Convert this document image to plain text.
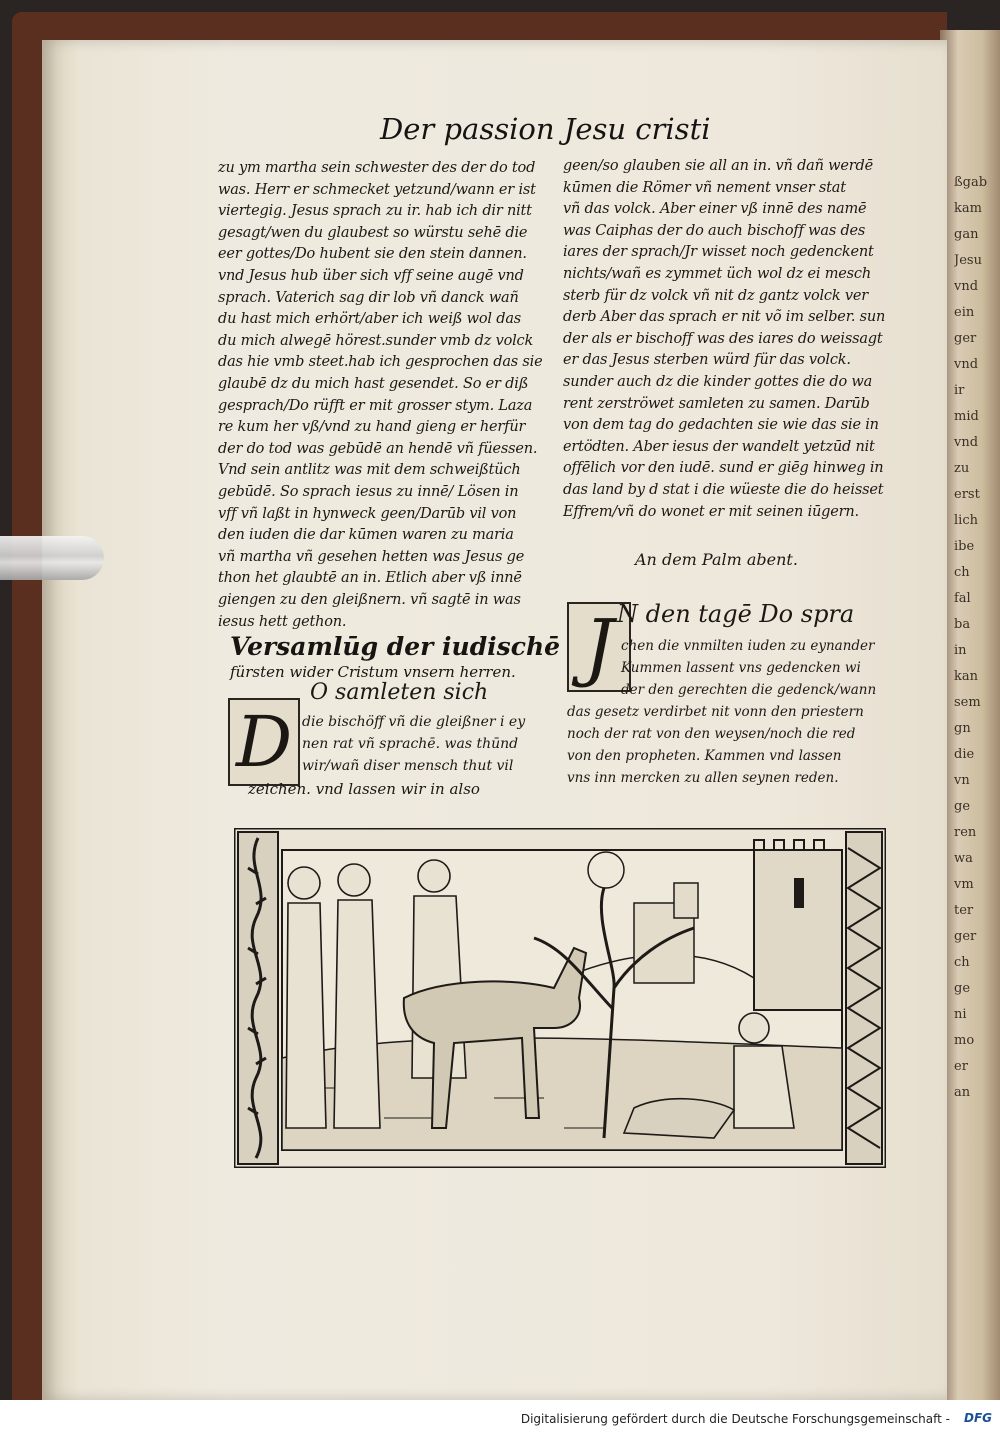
ßgab
kam
gan
Jesu
vnd
ein
ger
vnd
ir
mid
vnd
zu
erst
lich
ibe
ch
fal
ba
in
kan
sem
gn
die
vn
ge
ren
wa
vm
ter
ger
ch
ge
ni
mo
er
an
Der passion Jesu cristi
zu ym martha sein schwester des der do tod
was. Herr er schmecket yetzund/wann er ist
viertegig. Jesus sprach zu ir. hab ich dir nitt
gesagt/wen du glaubest so würstu sehē die
eer gottes/Do hubent sie den stein dannen.
vnd Jesus hub über sich vff seine augē vnd
sprach. Vaterich sag dir lob vñ danck wañ
du hast mich erhört/aber ich weiß wol das
du mich alwegē hörest.sunder vmb dz volck
das hie vmb steet.hab ich gesprochen das sie
glaubē dz du mich hast gesendet. So er diß
gesprach/Do rüfft er mit grosser stym. Laza
re kum her vß/vnd zu hand gieng er herfür
der do tod was gebūdē an hendē vñ füessen.
Vnd sein antlitz was mit dem schweißtüch
gebūdē. So sprach iesus zu innē/ Lösen in
vff vñ laßt in hynweck geen/Darūb vil von
den iuden die dar kūmen waren zu maria
vñ martha vñ gesehen hetten was Jesus ge
thon het glaubtē an in. Etlich aber vß innē
giengen zu den gleißnern. vñ sagtē in was
iesus hett gethon.
geen/so glauben sie all an in. vñ dañ werdē
kūmen die Römer vñ nement vnser stat
vñ das volck. Aber einer vß innē des namē
was Caiphas der do auch bischoff was des
iares der sprach/Jr wisset noch gedenckent
nichts/wañ es zymmet üch wol dz ei mesch
sterb für dz volck vñ nit dz gantz volck ver
derb Aber das sprach er nit võ im selber. sun
der als er bischoff was des iares do weissagt
er das Jesus sterben würd für das volck.
sunder auch dz die kinder gottes die do wa
rent zerströwet samleten zu samen. Darūb
von dem tag do gedachten sie wie das sie in
ertödten. Aber iesus der wandelt yetzūd nit
offēlich vor den iudē. sund er giēg hinweg in
das land by d stat i die wüeste die do heisset
Effrem/vñ do wonet er mit seinen iūgern.
Versamlūg der iudischē
fürsten wider Cristum vnsern herren.
D
O samleten sich
die bischöff vñ die gleißner i ey
nen rat vñ sprachē. was thūnd
wir/wañ diser mensch thut vil
zeichen. vnd lassen wir in also
An dem Palm abent.
J N den tagē Do spra
chen die vnmilten iuden zu eynander
Kummen lassent vns gedencken wi
der den gerechten die gedenck/wann
das gesetz verdirbet nit vonn den priestern
noch der rat von den weysen/noch die red
von den propheten. Kammen vnd lassen
vns inn mercken zu allen seynen reden.
Digitalisierung gefördert durch die Deutsche Forschungsgemeinschaft - DFG
